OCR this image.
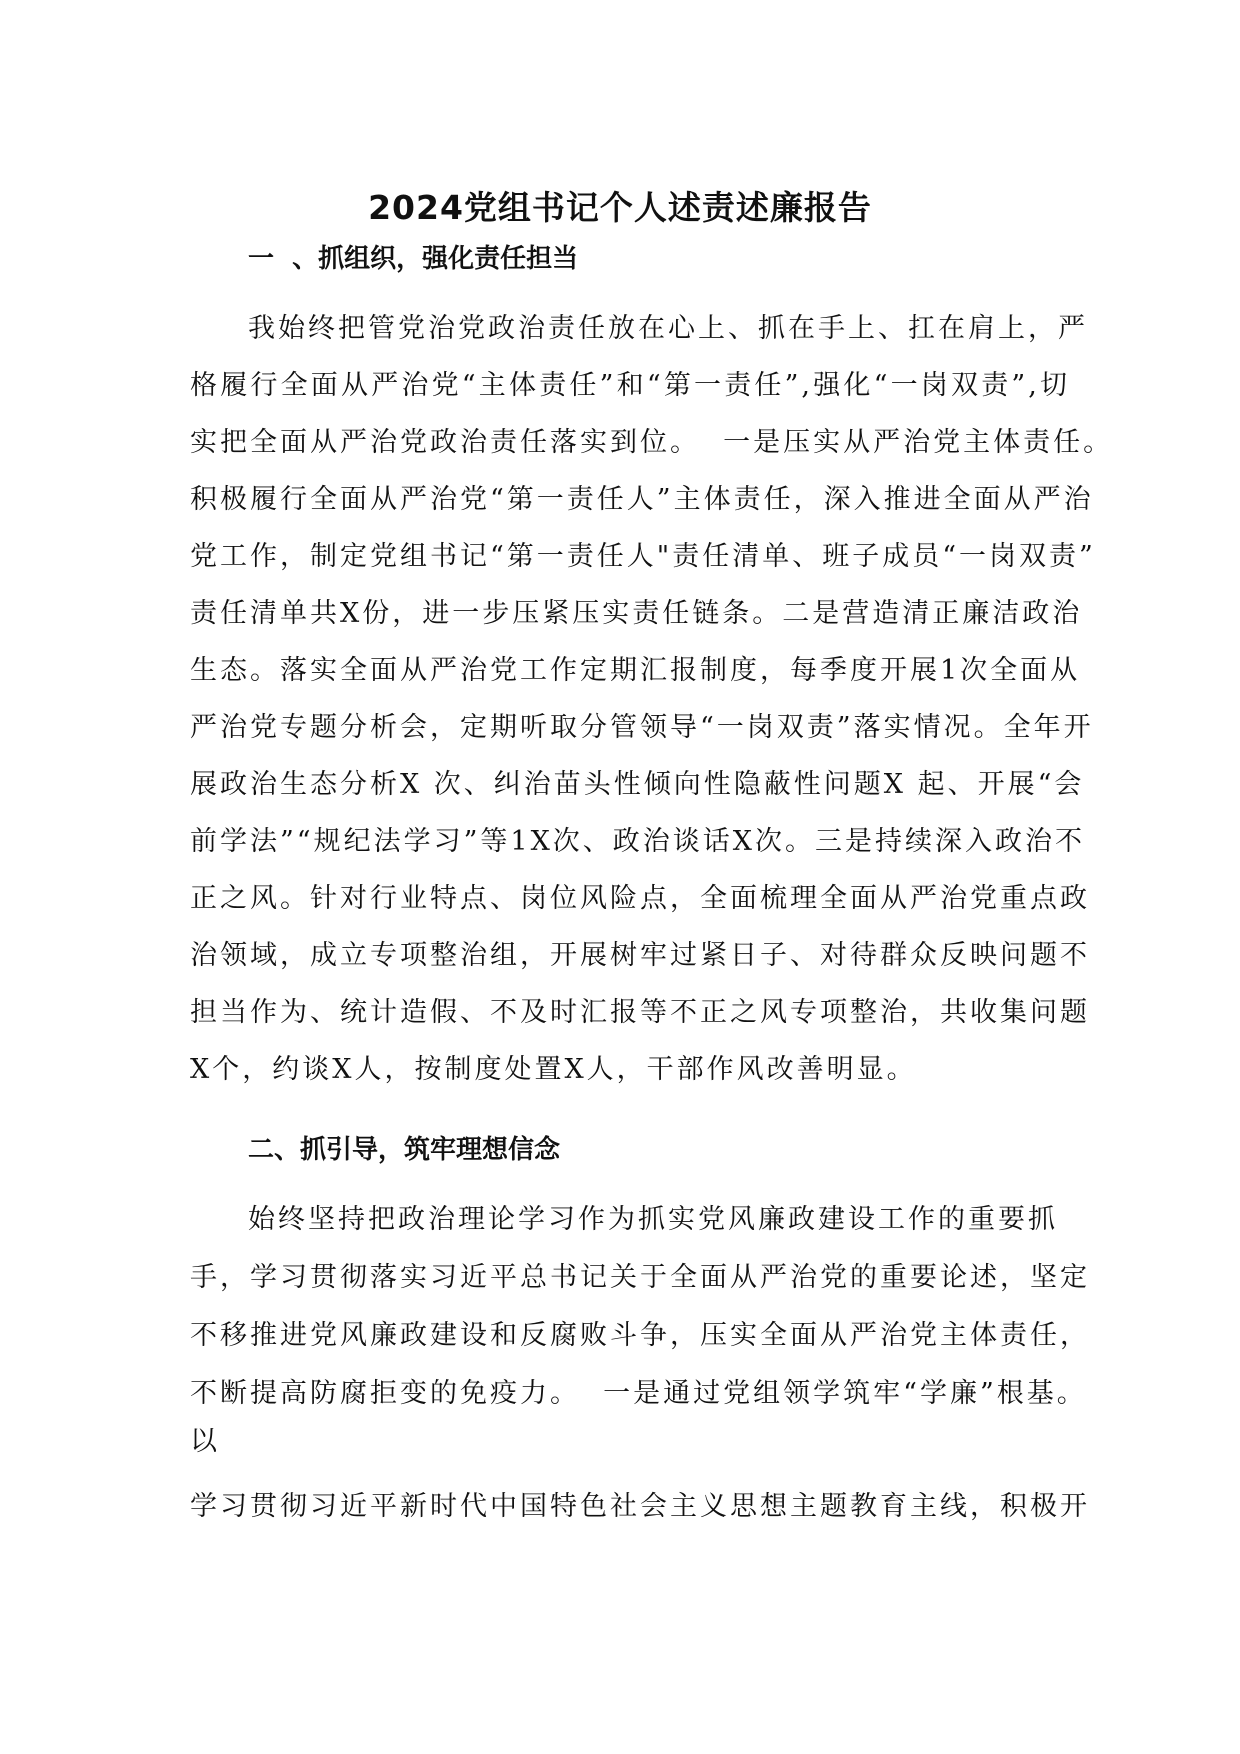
2024党组书记个人述责述廉报告
一  、抓组织，强化责任担当
我始终把管党治党政治责任放在心上、抓在手上、扛在肩上，严
格履行全面从严治党“主体责任”和“第一责任”,强化“一岗双责”,切
实把全面从严治党政治责任落实到位。  一是压实从严治党主体责任。
积极履行全面从严治党“第一责任人”主体责任，深入推进全面从严治
党工作，制定党组书记“第一责任人"责任清单、班子成员“一岗双责”
责任清单共X份，进一步压紧压实责任链条。二是营造清正廉洁政治
生态。落实全面从严治党工作定期汇报制度，每季度开展1次全面从
严治党专题分析会，定期听取分管领导“一岗双责”落实情况。全年开
展政治生态分析X 次、纠治苗头性倾向性隐蔽性问题X 起、开展“会
前学法”“规纪法学习”等1X次、政治谈话X次。三是持续深入政治不
正之风。针对行业特点、岗位风险点，全面梳理全面从严治党重点政
治领域，成立专项整治组，开展树牢过紧日子、对待群众反映问题不
担当作为、统计造假、不及时汇报等不正之风专项整治，共收集问题
X个，约谈X人，按制度处置X人，干部作风改善明显。
二、抓引导，筑牢理想信念
始终坚持把政治理论学习作为抓实党风廉政建设工作的重要抓
手，学习贯彻落实习近平总书记关于全面从严治党的重要论述，坚定
不移推进党风廉政建设和反腐败斗争，压实全面从严治党主体责任，
不断提高防腐拒变的免疫力。  一是通过党组领学筑牢“学廉”根基。
以
学习贯彻习近平新时代中国特色社会主义思想主题教育主线，积极开
